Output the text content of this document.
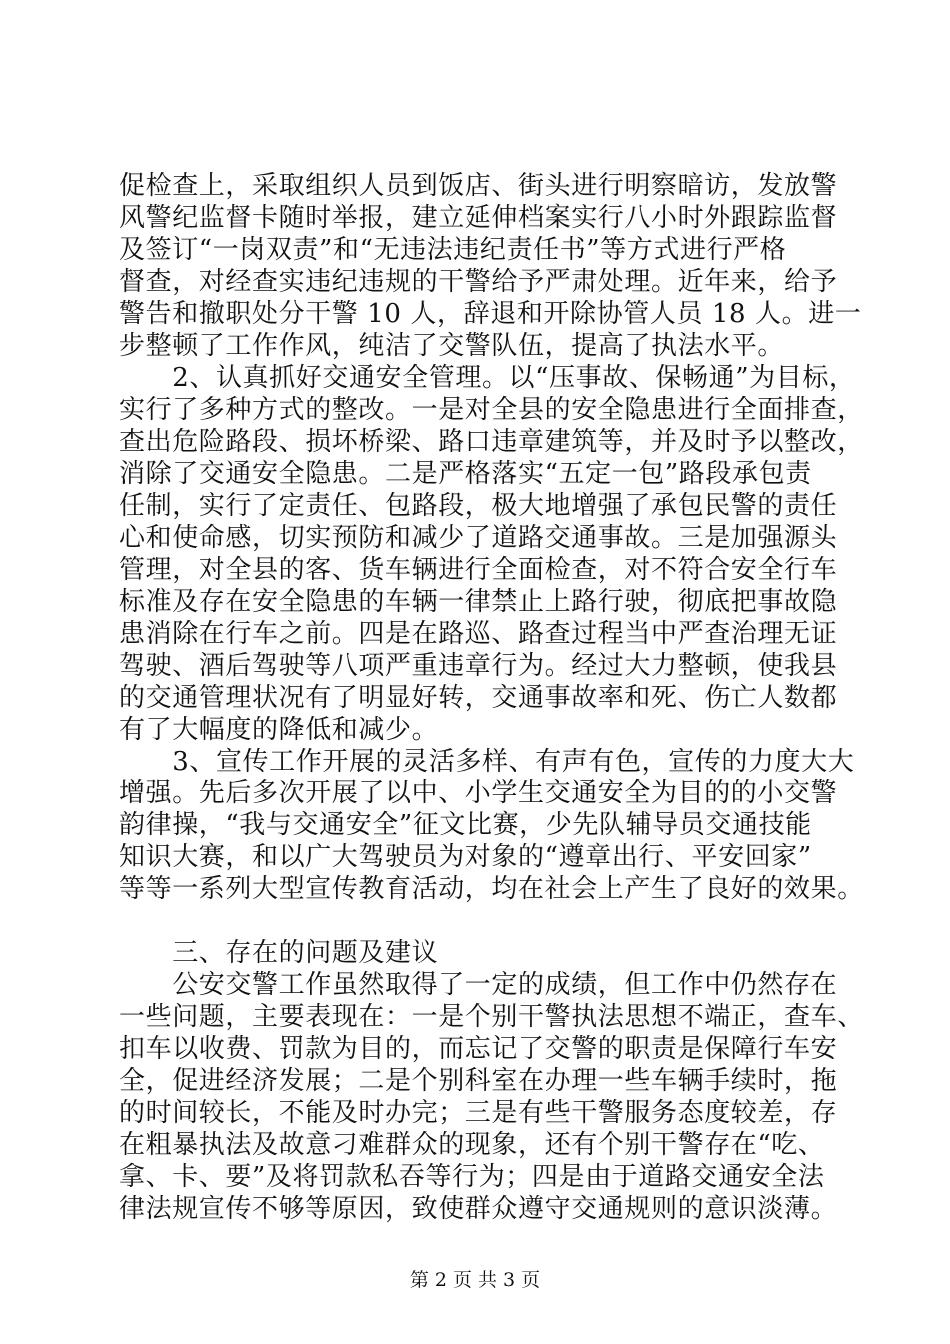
促检查上，采取组织人员到饭店、街头进行明察暗访，发放警
风警纪监督卡随时举报，建立延伸档案实行八小时外跟踪监督
及签订“一岗双责”和“无违法违纪责任书”等方式进行严格
督查，对经查实违纪违规的干警给予严肃处理。近年来，给予
警告和撤职处分干警 10 人，辞退和开除协管人员 18 人。进一
步整顿了工作作风，纯洁了交警队伍，提高了执法水平。
　　2、认真抓好交通安全管理。以“压事故、保畅通”为目标，
实行了多种方式的整改。一是对全县的安全隐患进行全面排查，
查出危险路段、损坏桥梁、路口违章建筑等，并及时予以整改，
消除了交通安全隐患。二是严格落实“五定一包”路段承包责
任制，实行了定责任、包路段，极大地增强了承包民警的责任
心和使命感，切实预防和减少了道路交通事故。三是加强源头
管理，对全县的客、货车辆进行全面检查，对不符合安全行车
标准及存在安全隐患的车辆一律禁止上路行驶，彻底把事故隐
患消除在行车之前。四是在路巡、路查过程当中严查治理无证
驾驶、酒后驾驶等八项严重违章行为。经过大力整顿，使我县
的交通管理状况有了明显好转，交通事故率和死、伤亡人数都
有了大幅度的降低和减少。
　　3、宣传工作开展的灵活多样、有声有色，宣传的力度大大
增强。先后多次开展了以中、小学生交通安全为目的的小交警
韵律操，“我与交通安全”征文比赛，少先队辅导员交通技能
知识大赛，和以广大驾驶员为对象的“遵章出行、平安回家”
等等一系列大型宣传教育活动，均在社会上产生了良好的效果。
　　三、存在的问题及建议
　　公安交警工作虽然取得了一定的成绩，但工作中仍然存在
一些问题，主要表现在：一是个别干警执法思想不端正，查车、
扣车以收费、罚款为目的，而忘记了交警的职责是保障行车安
全，促进经济发展；二是个别科室在办理一些车辆手续时，拖
的时间较长，不能及时办完；三是有些干警服务态度较差，存
在粗暴执法及故意刁难群众的现象，还有个别干警存在“吃、
拿、卡、要”及将罚款私吞等行为；四是由于道路交通安全法
律法规宣传不够等原因，致使群众遵守交通规则的意识淡薄。
第 2 页 共 3 页
